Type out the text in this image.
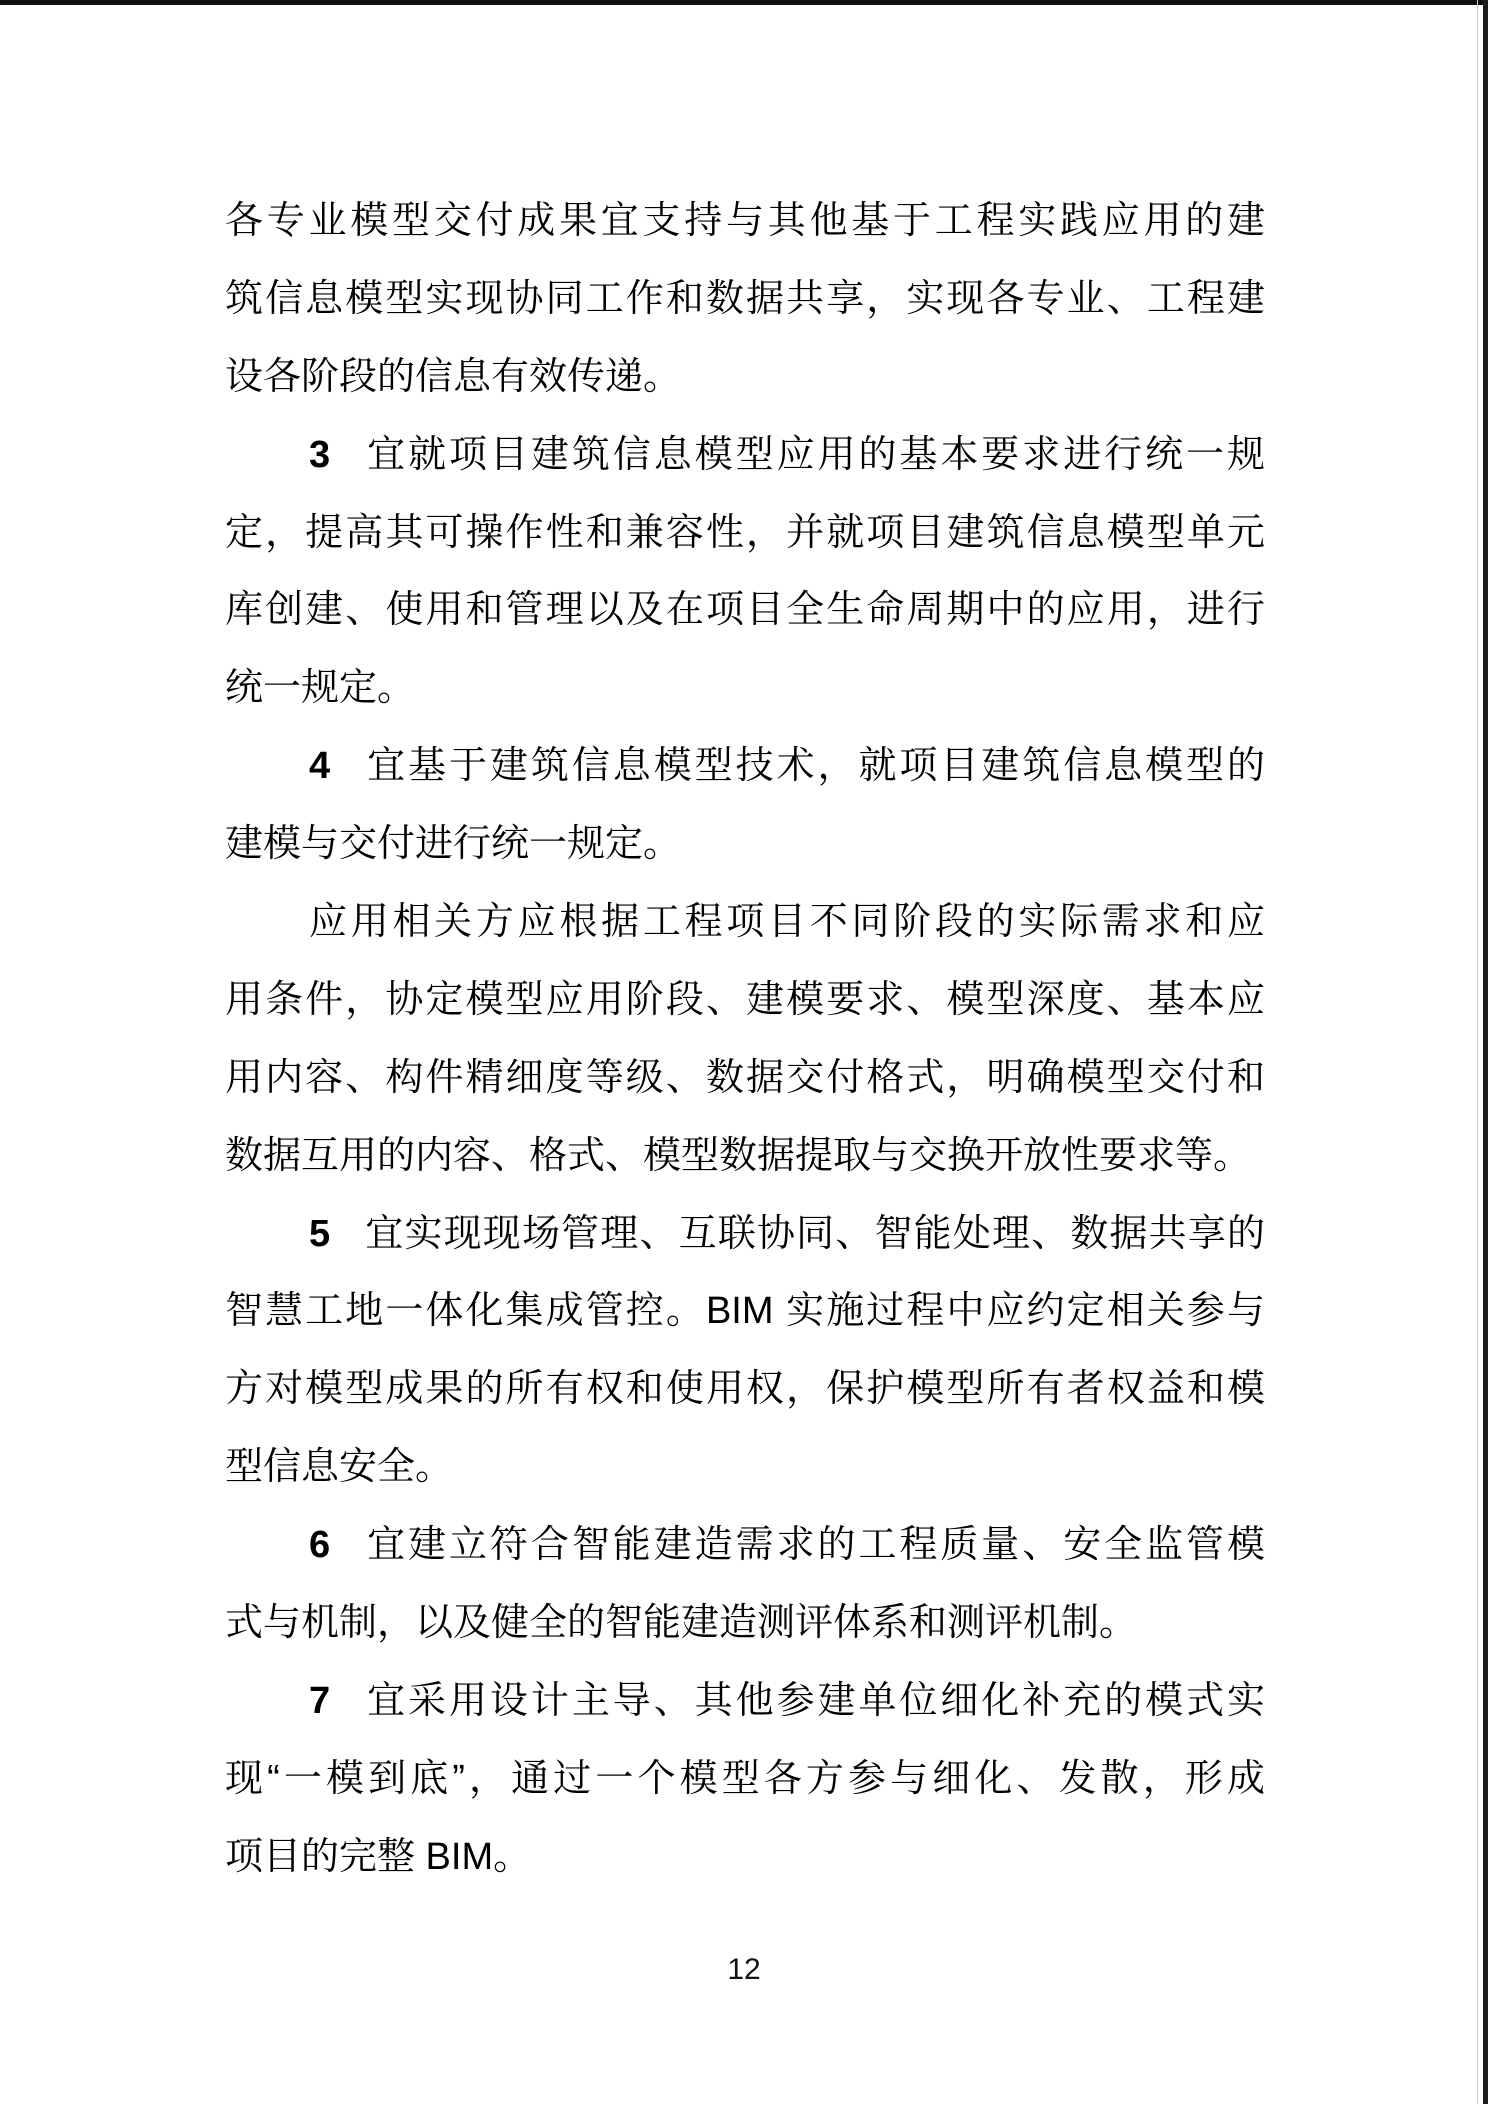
各专业模型交付成果宜支持与其他基于工程实践应用的建
筑信息模型实现协同工作和数据共享，实现各专业、工程建
设各阶段的信息有效传递。
3 宜就项目建筑信息模型应用的基本要求进行统一规
定，提高其可操作性和兼容性，并就项目建筑信息模型单元
库创建、使用和管理以及在项目全生命周期中的应用，进行
统一规定。
4 宜基于建筑信息模型技术，就项目建筑信息模型的
建模与交付进行统一规定。
应用相关方应根据工程项目不同阶段的实际需求和应
用条件，协定模型应用阶段、建模要求、模型深度、基本应
用内容、构件精细度等级、数据交付格式，明确模型交付和
数据互用的内容、格式、模型数据提取与交换开放性要求等。
5 宜实现现场管理、互联协同、智能处理、数据共享的
智慧工地一体化集成管控。BIM 实施过程中应约定相关参与
方对模型成果的所有权和使用权，保护模型所有者权益和模
型信息安全。
6 宜建立符合智能建造需求的工程质量、安全监管模
式与机制，以及健全的智能建造测评体系和测评机制。
7 宜采用设计主导、其他参建单位细化补充的模式实
现“一模到底”，通过一个模型各方参与细化、发散，形成
项目的完整 BIM。
12
